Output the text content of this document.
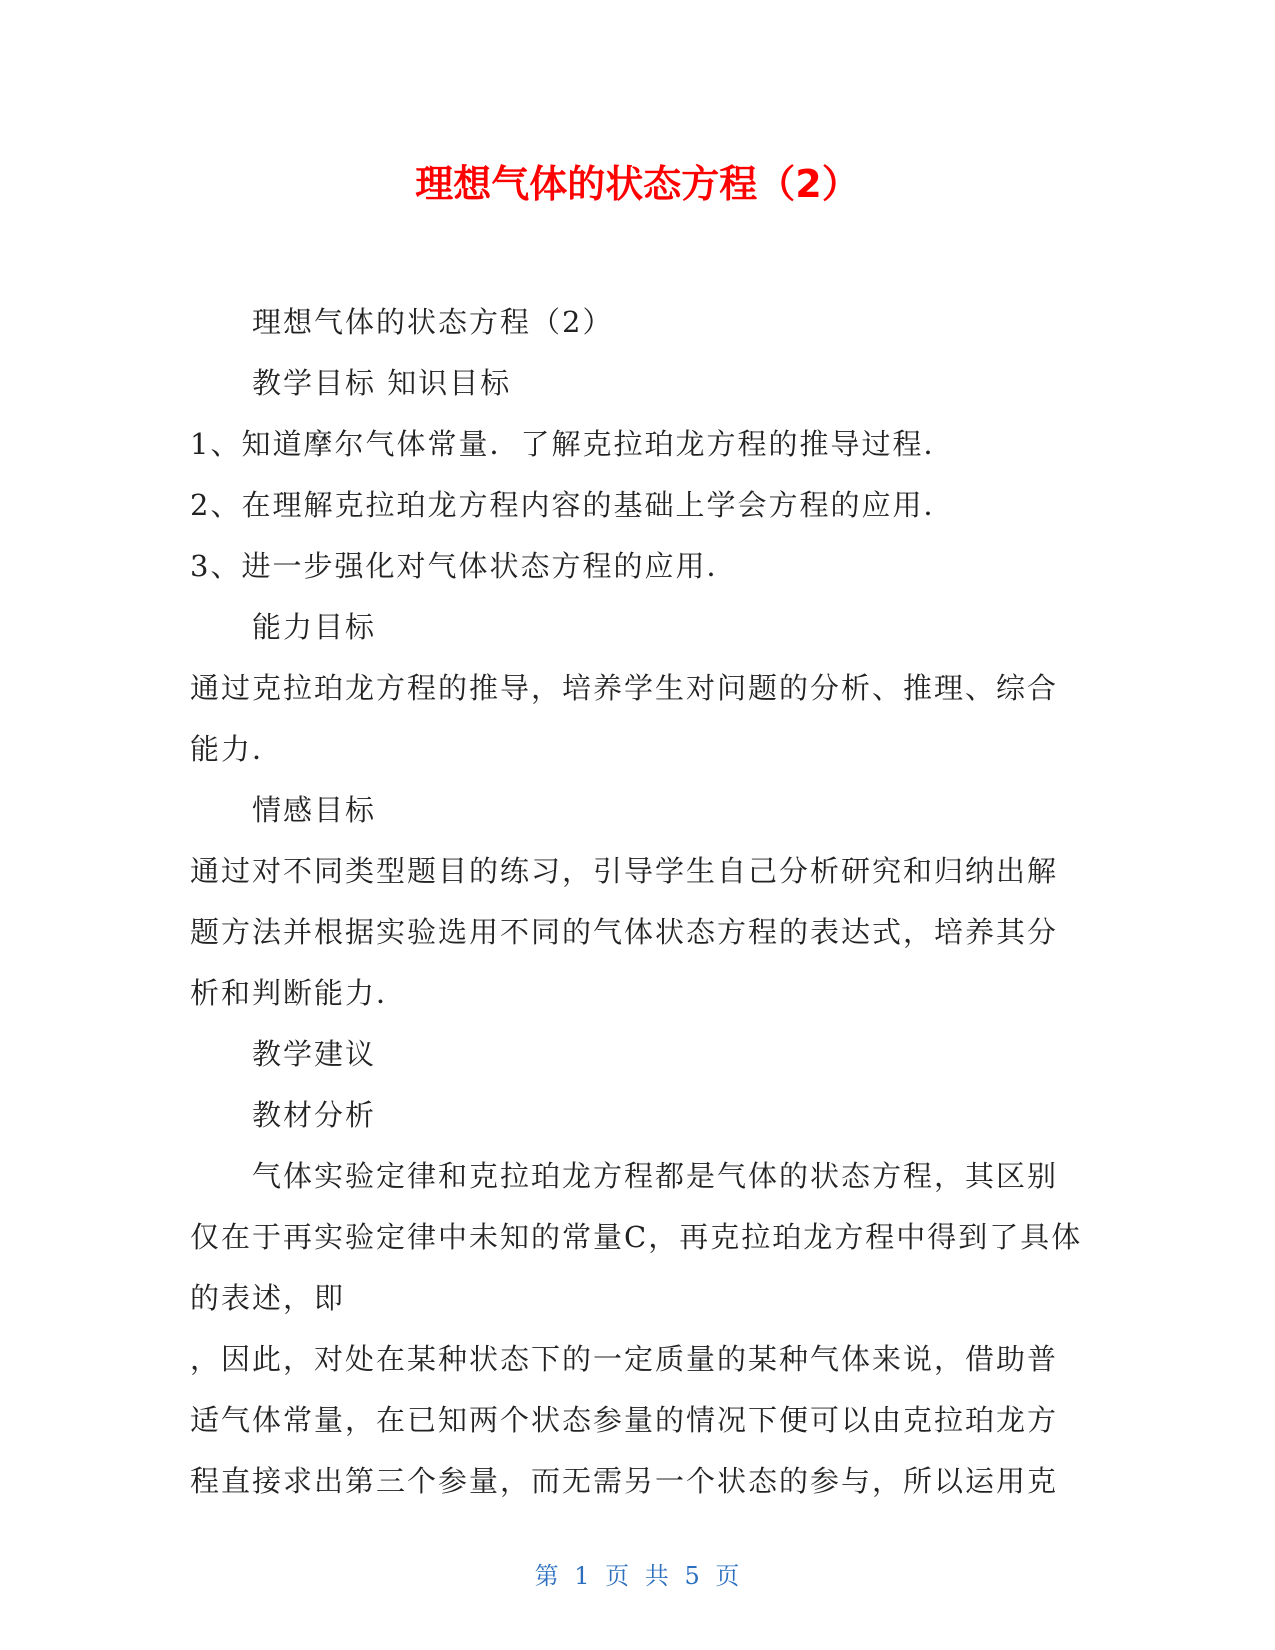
理想气体的状态方程（2）

理想气体的状态方程（2）

教学目标 知识目标

1、知道摩尔气体常量．了解克拉珀龙方程的推导过程．

2、在理解克拉珀龙方程内容的基础上学会方程的应用．

3、进一步强化对气体状态方程的应用．

能力目标

通过克拉珀龙方程的推导，培养学生对问题的分析、推理、综合

能力．

情感目标

通过对不同类型题目的练习，引导学生自己分析研究和归纳出解

题方法并根据实验选用不同的气体状态方程的表达式，培养其分

析和判断能力．

教学建议

教材分析

气体实验定律和克拉珀龙方程都是气体的状态方程，其区别

仅在于再实验定律中未知的常量C，再克拉珀龙方程中得到了具体

的表述，即

，因此，对处在某种状态下的一定质量的某种气体来说，借助普

适气体常量，在已知两个状态参量的情况下便可以由克拉珀龙方

程直接求出第三个参量，而无需另一个状态的参与，所以运用克

第 1 页 共 5 页
